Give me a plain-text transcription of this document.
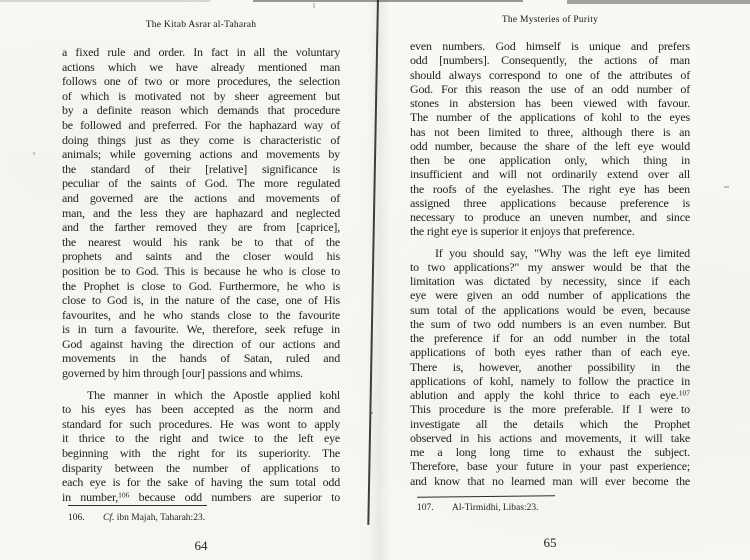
The Kitab Asrar al-Taharah
a fixed rule and order. In fact in all the voluntary
actions which we have already mentioned man
follows one of two or more procedures, the selection
of which is motivated not by sheer agreement but
by a definite reason which demands that procedure
be followed and preferred. For the haphazard way of
doing things just as they come is characteristic of
animals; while governing actions and movements by
the standard of their [relative] significance is
peculiar of the saints of God. The more regulated
and governed are the actions and movements of
man, and the less they are haphazard and neglected
and the farther removed they are from [caprice],
the nearest would his rank be to that of the
prophets and saints and the closer would his
position be to God. This is because he who is close to
the Prophet is close to God. Furthermore, he who is
close to God is, in the nature of the case, one of His
favourites, and he who stands close to the favourite
is in turn a favourite. We, therefore, seek refuge in
God against having the direction of our actions and
movements in the hands of Satan, ruled and
governed by him through [our] passions and whims.
The manner in which the Apostle applied kohl
to his eyes has been accepted as the norm and
standard for such procedures. He was wont to apply
it thrice to the right and twice to the left eye
beginning with the right for its superiority. The
disparity between the number of applications to
each eye is for the sake of having the sum total odd
in number,$^{106}$ because odd numbers are superior to
106.	Cf. ibn Majah, Taharah:23.
64
The Mysteries of Purity
even numbers. God himself is unique and prefers
odd [numbers]. Consequently, the actions of man
should always correspond to one of the attributes of
God. For this reason the use of an odd number of
stones in abstersion has been viewed with favour.
The number of the applications of kohl to the eyes
has not been limited to three, although there is an
odd number, because the share of the left eye would
then be one application only, which thing in
insufficient and will not ordinarily extend over all
the roofs of the eyelashes. The right eye has been
assigned three applications because preference is
necessary to produce an uneven number, and since
the right eye is superior it enjoys that preference.
If you should say, "Why was the left eye limited
to two applications?" my answer would be that the
limitation was dictated by necessity, since if each
eye were given an odd number of applications the
sum total of the applications would be even, because
the sum of two odd numbers is an even number. But
the preference if for an odd number in the total
applications of both eyes rather than of each eye.
There is, however, another possibility in the
applications of kohl, namely to follow the practice in
ablution and apply the kohl thrice to each eye.$^{107}$
This procedure is the more preferable. If I were to
investigate all the details which the Prophet
observed in his actions and movements, it will take
me a long long time to exhaust the subject.
Therefore, base your future in your past experience;
and know that no learned man will ever become the
107.	Al-Tirmidhi, Libas:23.
65
